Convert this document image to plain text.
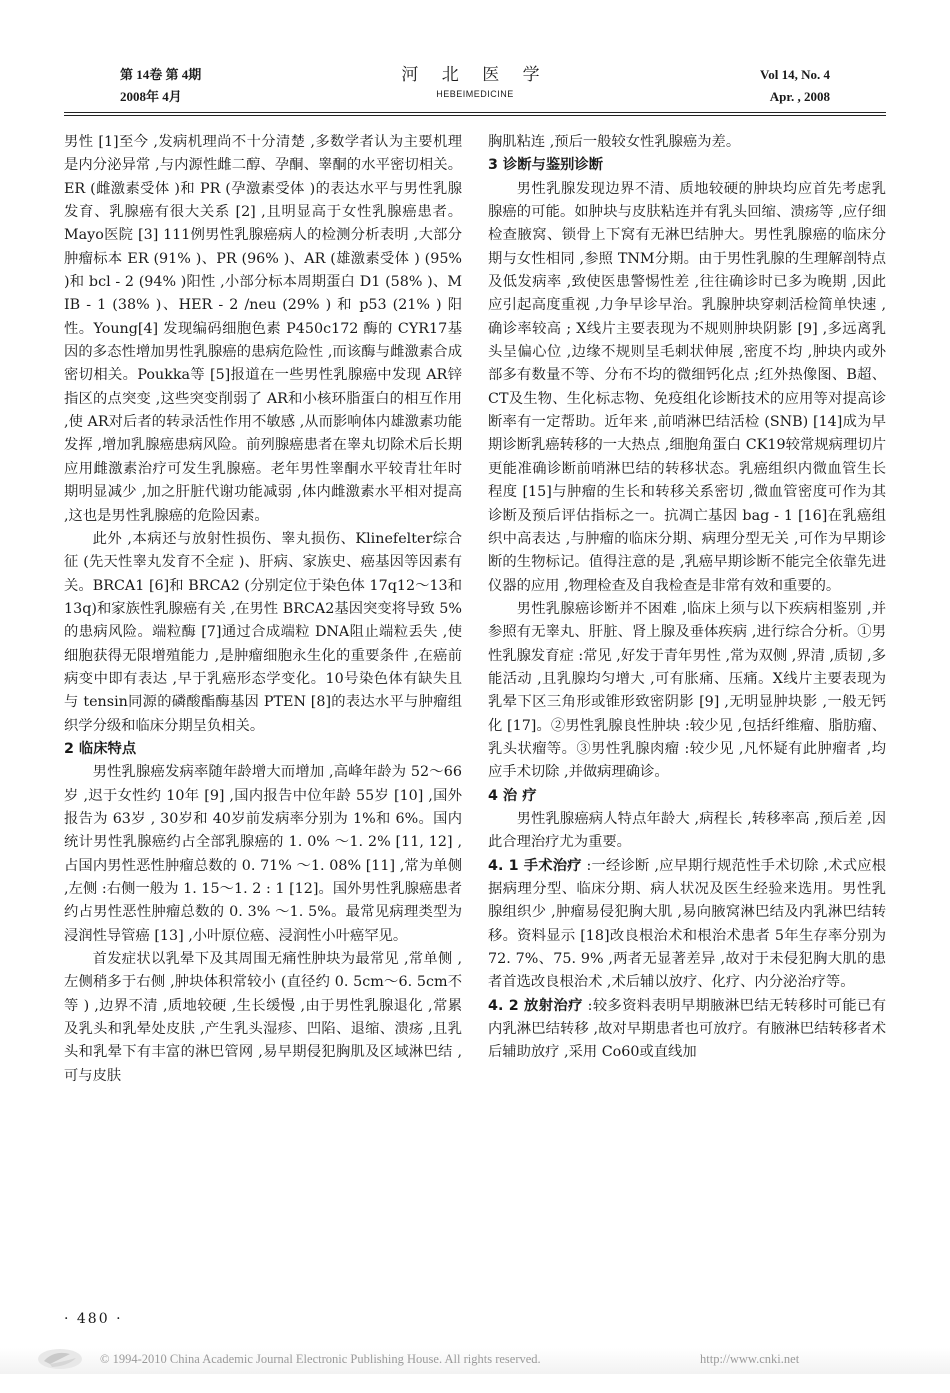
第 14卷 第 4期
2008年 4月
河 北 医 学
HEBEIMEDICINE
Vol 14, No. 4
Apr. , 2008

男性 [1]至今 ,发病机理尚不十分清楚 ,多数学者认为主要机理是内分泌异常 ,与内源性雌二醇、孕酮、睾酮的水平密切相关。ER (雌激素受体 )和 PR (孕激素受体 )的表达水平与男性乳腺发育、乳腺癌有很大关系 [2] ,且明显高于女性乳腺癌患者。Mayo医院 [3] 111例男性乳腺癌病人的检测分析表明 ,大部分肿瘤标本 ER (91% )、PR (96% )、AR (雄激素受体 ) (95% )和 bcl - 2 (94% )阳性 ,小部分标本周期蛋白 D1 (58% )、M IB - 1 (38% )、HER - 2 /neu (29% ) 和 p53 (21% ) 阳性。Young[4] 发现编码细胞色素 P450c172 酶的 CYR17基因的多态性增加男性乳腺癌的患病危险性 ,而该酶与雌激素合成密切相关。Poukka等 [5]报道在一些男性乳腺癌中发现 AR锌指区的点突变 ,这些突变削弱了 AR和小核环脂蛋白的相互作用 ,使 AR对后者的转录活性作用不敏感 ,从而影响体内雄激素功能发挥 ,增加乳腺癌患病风险。前列腺癌患者在睾丸切除术后长期应用雌激素治疗可发生乳腺癌。老年男性睾酮水平较青壮年时期明显减少 ,加之肝脏代谢功能减弱 ,体内雌激素水平相对提高 ,这也是男性乳腺癌的危险因素。

此外 ,本病还与放射性损伤、睾丸损伤、Klinefelter综合征 (先天性睾丸发育不全症 )、肝病、家族史、癌基因等因素有关。BRCA1 [6]和 BRCA2 (分别定位于染色体 17q12～13和 13q)和家族性乳腺癌有关 ,在男性 BRCA2基因突变将导致 5%的患病风险。端粒酶 [7]通过合成端粒 DNA阻止端粒丢失 ,使细胞获得无限增殖能力 ,是肿瘤细胞永生化的重要条件 ,在癌前病变中即有表达 ,早于乳癌形态学变化。10号染色体有缺失且与 tensin同源的磷酸酯酶基因 PTEN [8]的表达水平与肿瘤组织学分级和临床分期呈负相关。

2 临床特点

男性乳腺癌发病率随年龄增大而增加 ,高峰年龄为 52～66岁 ,迟于女性约 10年 [9] ,国内报告中位年龄 55岁 [10] ,国外报告为 63岁 , 30岁和 40岁前发病率分别为 1%和 6%。国内统计男性乳腺癌约占全部乳腺癌的 1. 0% ～1. 2% [11, 12] ,占国内男性恶性肿瘤总数的 0. 71% ～1. 08% [11] ,常为单侧 ,左侧 :右侧一般为 1. 15～1. 2 : 1 [12]。国外男性乳腺癌患者约占男性恶性肿瘤总数的 0. 3% ～1. 5%。最常见病理类型为浸润性导管癌 [13] ,小叶原位癌、浸润性小叶癌罕见。

首发症状以乳晕下及其周围无痛性肿块为最常见 ,常单侧 ,左侧稍多于右侧 ,肿块体积常较小 (直径约 0. 5cm～6. 5cm不等 ) ,边界不清 ,质地较硬 ,生长缓慢 ,由于男性乳腺退化 ,常累及乳头和乳晕处皮肤 ,产生乳头湿疹、凹陷、退缩、溃疡 ,且乳头和乳晕下有丰富的淋巴管网 ,易早期侵犯胸肌及区域淋巴结 ,可与皮肤

胸肌粘连 ,预后一般较女性乳腺癌为差。

3 诊断与鉴别诊断

男性乳腺发现边界不清、质地较硬的肿块均应首先考虑乳腺癌的可能。如肿块与皮肤粘连并有乳头回缩、溃疡等 ,应仔细检查腋窝、锁骨上下窝有无淋巴结肿大。男性乳腺癌的临床分期与女性相同 ,参照 TNM分期。由于男性乳腺的生理解剖特点及低发病率 ,致使医患警惕性差 ,往往确诊时已多为晚期 ,因此应引起高度重视 ,力争早诊早治。乳腺肿块穿刺活检简单快速 ,确诊率较高 ; X线片主要表现为不规则肿块阴影 [9] ,多远离乳头呈偏心位 ,边缘不规则呈毛刺状伸展 ,密度不均 ,肿块内或外部多有数量不等、分布不均的微细钙化点 ;红外热像图、B超、CT及生物、生化标志物、免疫组化诊断技术的应用等对提高诊断率有一定帮助。近年来 ,前哨淋巴结活检 (SNB) [14]成为早期诊断乳癌转移的一大热点 ,细胞角蛋白 CK19较常规病理切片更能准确诊断前哨淋巴结的转移状态。乳癌组织内微血管生长程度 [15]与肿瘤的生长和转移关系密切 ,微血管密度可作为其诊断及预后评估指标之一。抗凋亡基因 bag - 1 [16]在乳癌组织中高表达 ,与肿瘤的临床分期、病理分型无关 ,可作为早期诊断的生物标记。值得注意的是 ,乳癌早期诊断不能完全依靠先进仪器的应用 ,物理检查及自我检查是非常有效和重要的。

男性乳腺癌诊断并不困难 ,临床上须与以下疾病相鉴别 ,并参照有无睾丸、肝脏、肾上腺及垂体疾病 ,进行综合分析。①男性乳腺发育症 :常见 ,好发于青年男性 ,常为双侧 ,界清 ,质韧 ,多能活动 ,且乳腺均匀增大 ,可有胀痛、压痛。X线片主要表现为乳晕下区三角形或锥形致密阴影 [9] ,无明显肿块影 ,一般无钙化 [17]。②男性乳腺良性肿块 :较少见 ,包括纤维瘤、脂肪瘤、乳头状瘤等。③男性乳腺肉瘤 :较少见 ,凡怀疑有此肿瘤者 ,均应手术切除 ,并做病理确诊。

4 治 疗

男性乳腺癌病人特点年龄大 ,病程长 ,转移率高 ,预后差 ,因此合理治疗尤为重要。

4. 1 手术治疗 :一经诊断 ,应早期行规范性手术切除 ,术式应根据病理分型、临床分期、病人状况及医生经验来选用。男性乳腺组织少 ,肿瘤易侵犯胸大肌 ,易向腋窝淋巴结及内乳淋巴结转移。资料显示 [18]改良根治术和根治术患者 5年生存率分别为 72. 7%、75. 9% ,两者无显著差异 ,故对于未侵犯胸大肌的患者首选改良根治术 ,术后辅以放疗、化疗、内分泌治疗等。

4. 2 放射治疗 :较多资料表明早期腋淋巴结无转移时可能已有内乳淋巴结转移 ,故对早期患者也可放疗。有腋淋巴结转移者术后辅助放疗 ,采用 Co60或直线加

· 480 ·
© 1994-2010 China Academic Journal Electronic Publishing House. All rights reserved.	http://www.cnki.net
